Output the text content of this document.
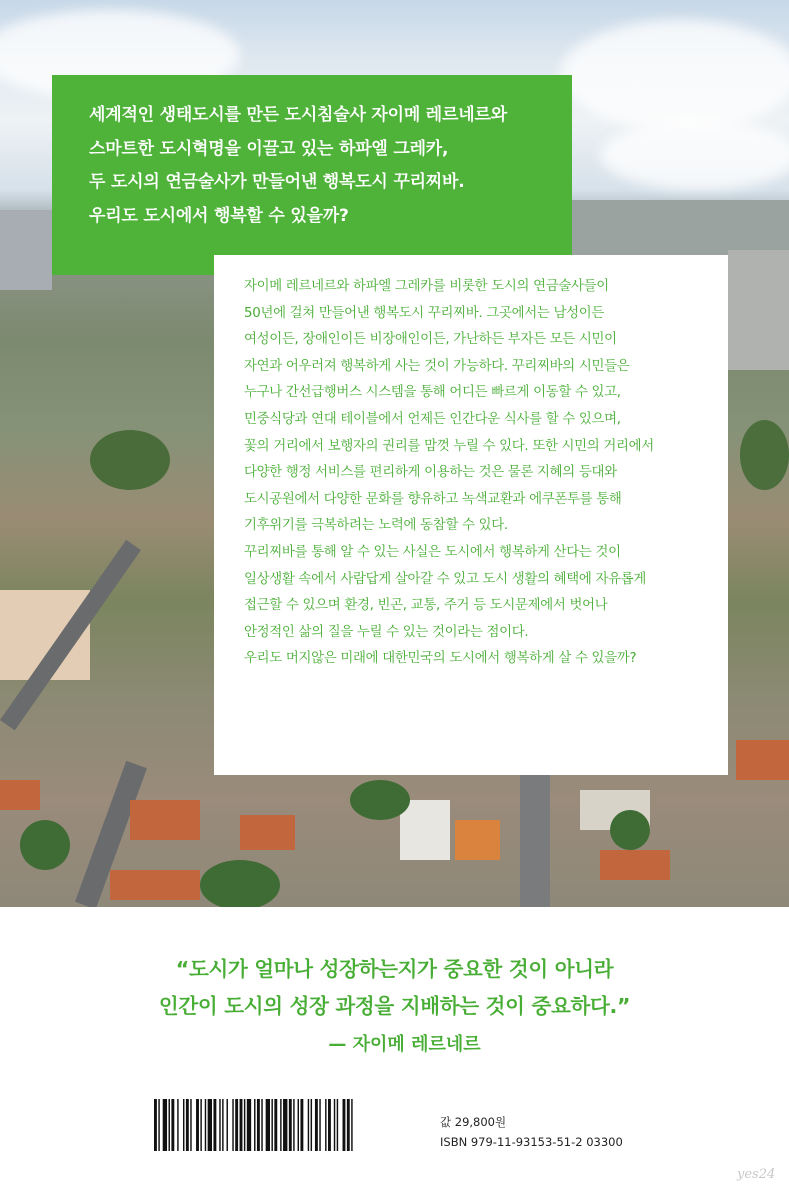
세계적인 생태도시를 만든 도시침술사 자이메 레르네르와
스마트한 도시혁명을 이끌고 있는 하파엘 그레카,
두 도시의 연금술사가 만들어낸 행복도시 꾸리찌바.
우리도 도시에서 행복할 수 있을까?
자이메 레르네르와 하파엘 그레카를 비롯한 도시의 연금술사들이
50년에 걸쳐 만들어낸 행복도시 꾸리찌바. 그곳에서는 남성이든
여성이든, 장애인이든 비장애인이든, 가난하든 부자든 모든 시민이
자연과 어우러져 행복하게 사는 것이 가능하다. 꾸리찌바의 시민들은
누구나 간선급행버스 시스템을 통해 어디든 빠르게 이동할 수 있고,
민중식당과 연대 테이블에서 언제든 인간다운 식사를 할 수 있으며,
꽃의 거리에서 보행자의 권리를 맘껏 누릴 수 있다. 또한 시민의 거리에서
다양한 행정 서비스를 편리하게 이용하는 것은 물론 지혜의 등대와
도시공원에서 다양한 문화를 향유하고 녹색교환과 에쿠폰투를 통해
기후위기를 극복하려는 노력에 동참할 수 있다.
꾸리찌바를 통해 알 수 있는 사실은 도시에서 행복하게 산다는 것이
일상생활 속에서 사람답게 살아갈 수 있고 도시 생활의 혜택에 자유롭게
접근할 수 있으며 환경, 빈곤, 교통, 주거 등 도시문제에서 벗어나
안정적인 삶의 질을 누릴 수 있는 것이라는 점이다.
우리도 머지않은 미래에 대한민국의 도시에서 행복하게 살 수 있을까?
“도시가 얼마나 성장하는지가 중요한 것이 아니라
인간이 도시의 성장 과정을 지배하는 것이 중요하다.”
— 자이메 레르네르
값 29,800원
ISBN 979-11-93153-51-2 03300
yes24
